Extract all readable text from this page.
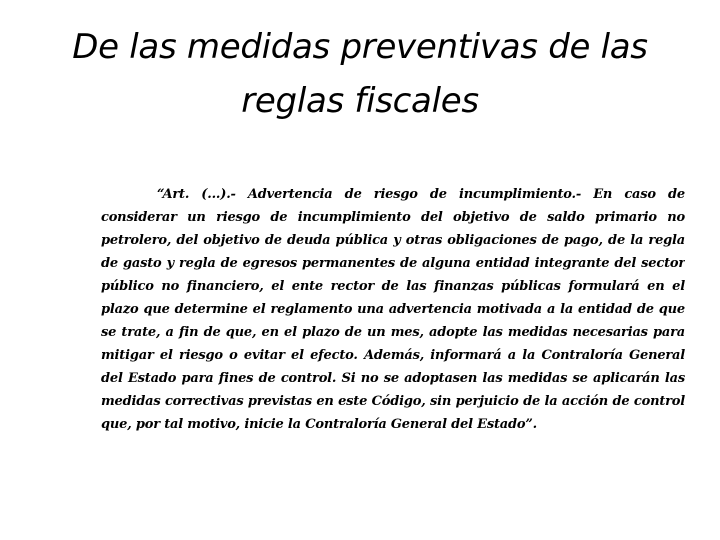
De las medidas preventivas de las
reglas fiscales

“Art. (...).- Advertencia de riesgo de incumplimiento.- En caso de considerar un riesgo de incumplimiento del objetivo de saldo primario no petrolero, del objetivo de deuda pública y otras obligaciones de pago, de la regla de gasto y regla de egresos permanentes de alguna entidad integrante del sector público no financiero, el ente rector de las finanzas públicas formulará en el plazo que determine el reglamento una advertencia motivada a la entidad de que se trate, a fin de que, en el plazo de un mes, adopte las medidas necesarias para mitigar el riesgo o evitar el efecto. Además, informará a la Contraloría General del Estado para fines de control. Si no se adoptasen las medidas se aplicarán las medidas correctivas previstas en este Código, sin perjuicio de la acción de control que, por tal motivo, inicie la Contraloría General del Estado”.
